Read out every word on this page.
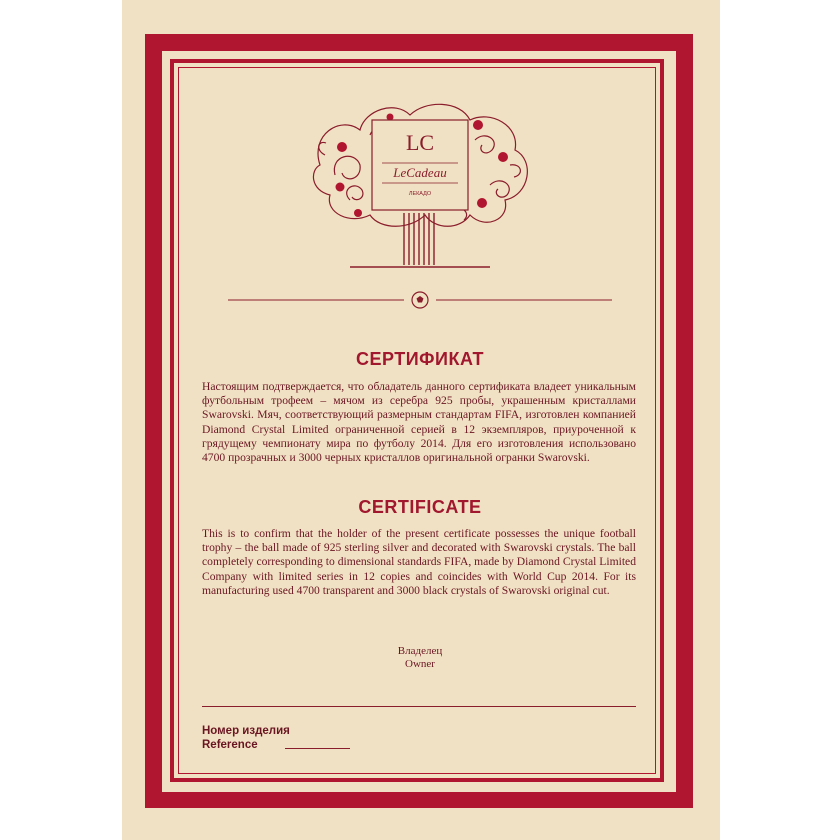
LC
LeCadeau
ЛЕКАДО
СЕРТИФИКАТ
Настоящим подтверждается, что обладатель данного сертификата владеет уникальным футбольным трофеем – мячом из серебра 925 пробы, украшенным кристаллами Swarovski. Мяч, соответствующий размерным стандартам FIFA, изготовлен компанией Diamond Crystal Limited ограниченной серией в 12 экземпляров, приуроченной к грядущему чемпионату мира по футболу 2014. Для его изготовления использовано 4700 прозрачных и 3000 черных кристаллов оригинальной огранки Swarovski.
CERTIFICATE
This is to confirm that the holder of the present certificate possesses the unique football trophy – the ball made of 925 sterling silver and decorated with Swarovski crystals. The ball completely corresponding to dimensional standards FIFA, made by Diamond Crystal Limited Company with limited series in 12 copies and coincides with World Cup 2014. For its manufacturing used 4700 transparent and 3000 black crystals of Swarovski original cut.
Владелец
Owner
Номер изделия
Reference
